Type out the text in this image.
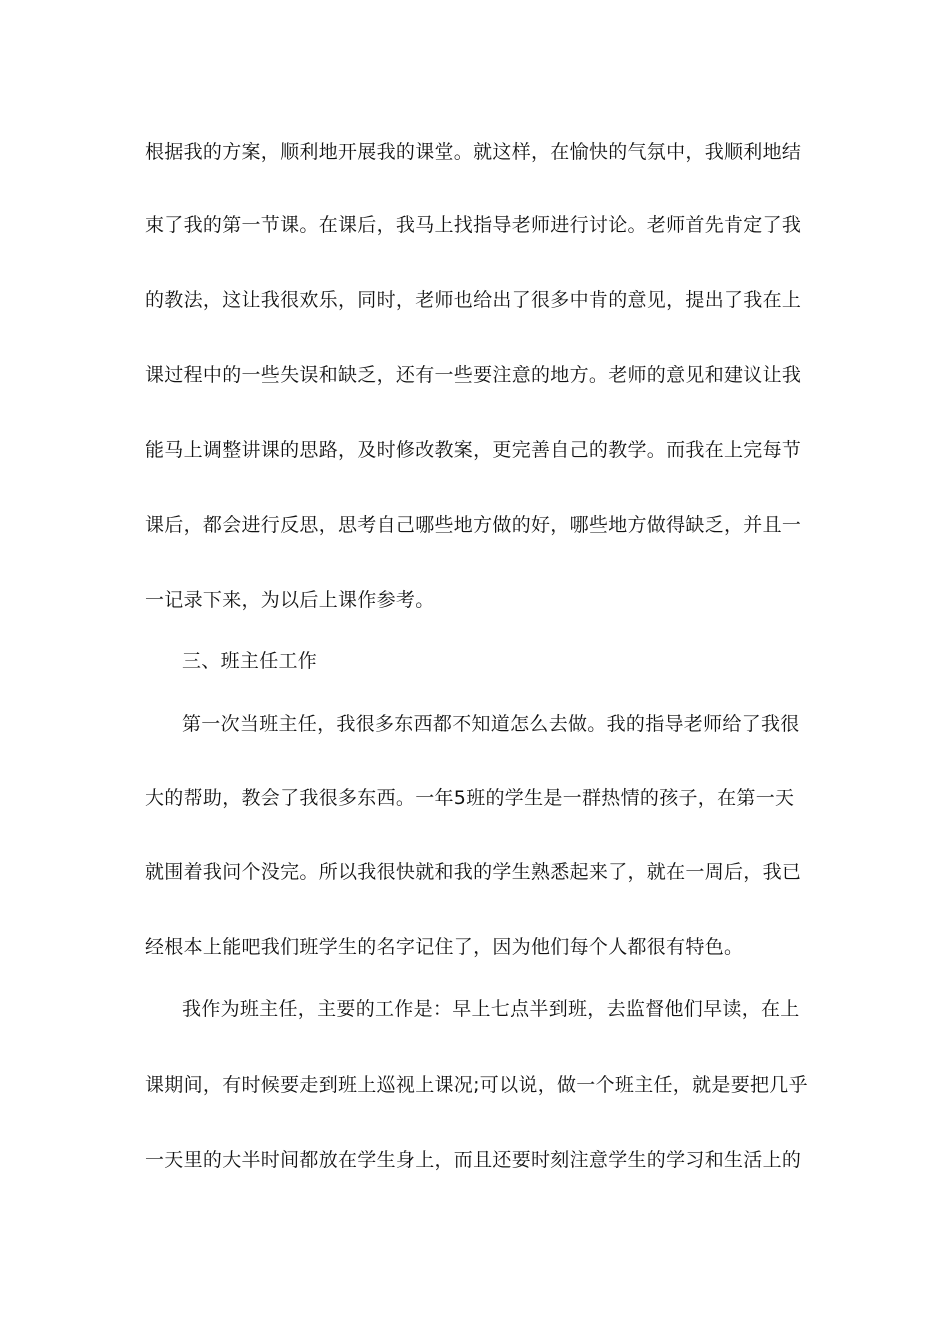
根据我的方案，顺利地开展我的课堂。就这样，在愉快的气氛中，我顺利地结
束了我的第一节课。在课后，我马上找指导老师进行讨论。老师首先肯定了我
的教法，这让我很欢乐，同时，老师也给出了很多中肯的意见，提出了我在上
课过程中的一些失误和缺乏，还有一些要注意的地方。老师的意见和建议让我
能马上调整讲课的思路，及时修改教案，更完善自己的教学。而我在上完每节
课后，都会进行反思，思考自己哪些地方做的好，哪些地方做得缺乏，并且一
一记录下来，为以后上课作参考。
三、班主任工作
第一次当班主任，我很多东西都不知道怎么去做。我的指导老师给了我很
大的帮助，教会了我很多东西。一年5班的学生是一群热情的孩子，在第一天
就围着我问个没完。所以我很快就和我的学生熟悉起来了，就在一周后，我已
经根本上能吧我们班学生的名字记住了，因为他们每个人都很有特色。
我作为班主任，主要的工作是：早上七点半到班，去监督他们早读，在上
课期间，有时候要走到班上巡视上课况;可以说，做一个班主任，就是要把几乎
一天里的大半时间都放在学生身上，而且还要时刻注意学生的学习和生活上的
